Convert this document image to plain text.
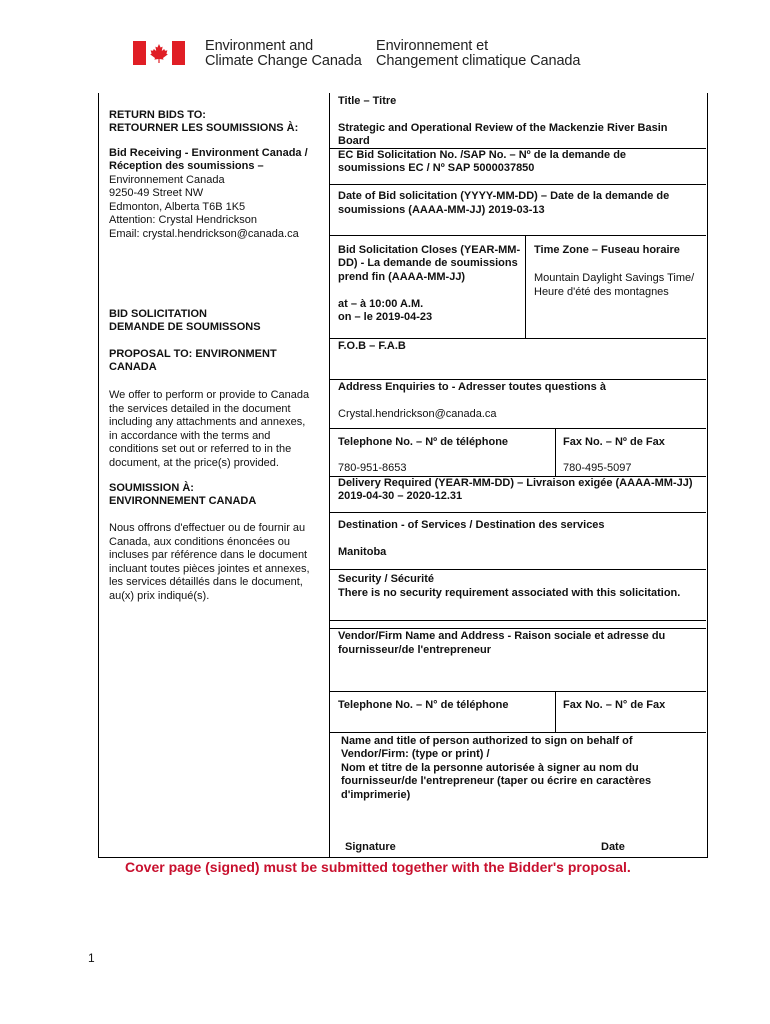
Environment and
Climate Change Canada
Environnement et
Changement climatique Canada
RETURN BIDS TO:
RETOURNER LES SOUMISSIONS À:
Bid Receiving - Environment Canada /
Réception des soumissions –
Environnement Canada
9250-49 Street NW
Edmonton, Alberta T6B 1K5
Attention: Crystal Hendrickson
Email: crystal.hendrickson@canada.ca
BID SOLICITATION
DEMANDE DE SOUMISSONS
PROPOSAL TO: ENVIRONMENT
CANADA
We offer to perform or provide to Canada
the services detailed in the document
including any attachments and annexes,
in accordance with the terms and
conditions set out or referred to in the
document, at the price(s) provided.
SOUMISSION À:
ENVIRONNEMENT CANADA
Nous offrons d'effectuer ou de fournir au
Canada, aux conditions énoncées ou
incluses par référence dans le document
incluant toutes pièces jointes et annexes,
les services détaillés dans le document,
au(x) prix indiqué(s).
Title – Titre
Strategic and Operational Review of the Mackenzie River Basin
Board
EC Bid Solicitation No. /SAP No. – Nº de la demande de
soumissions EC / Nº SAP 5000037850
Date of Bid solicitation (YYYY-MM-DD) – Date de la demande de
soumissions (AAAA-MM-JJ) 2019-03-13
Bid Solicitation Closes (YEAR-MM-
DD) - La demande de soumissions
prend fin (AAAA-MM-JJ)
at – à 10:00 A.M.
on – le 2019-04-23
Time Zone – Fuseau horaire
Mountain Daylight Savings Time/
Heure d'été des montagnes
F.O.B – F.A.B
Address Enquiries to - Adresser toutes questions à
Crystal.hendrickson@canada.ca
Telephone No. – Nº de téléphone	Fax No. – Nº de Fax
780-951-8653	780-495-5097
Delivery Required (YEAR-MM-DD) – Livraison exigée (AAAA-MM-JJ)
2019-04-30 – 2020-12.31
Destination - of Services / Destination des services
Manitoba
Security / Sécurité
There is no security requirement associated with this solicitation.
Vendor/Firm Name and Address - Raison sociale et adresse du
fournisseur/de l'entrepreneur
Telephone No. – N° de téléphone	Fax No. – N° de Fax
Name and title of person authorized to sign on behalf of
Vendor/Firm: (type or print) /
Nom et titre de la personne autorisée à signer au nom du
fournisseur/de l'entrepreneur (taper ou écrire en caractères
d'imprimerie)
Signature	Date
Cover page (signed) must be submitted together with the Bidder's proposal.
1
